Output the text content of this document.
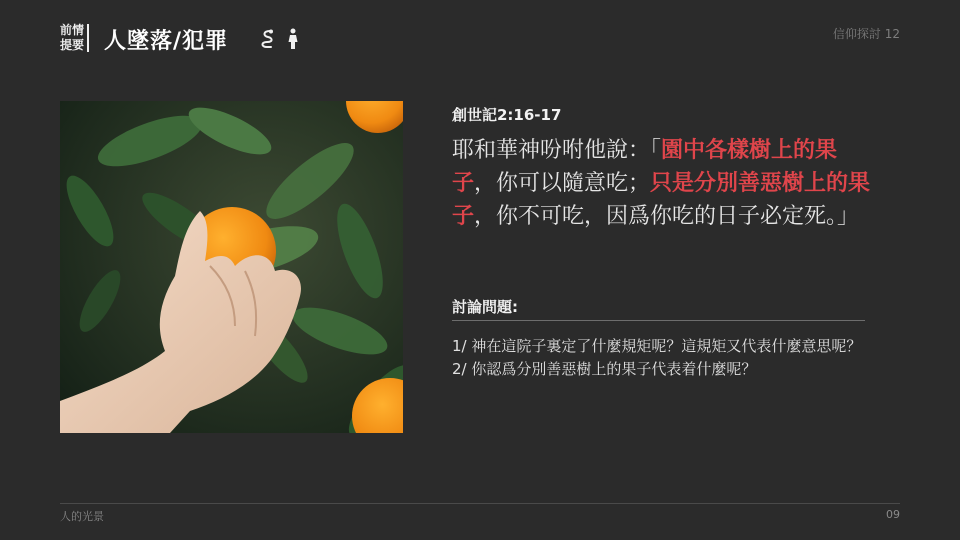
前情
提要 人墜落/犯罪	信仰探討 12
創世記2:16-17
耶和華神吩咐他說：「園中各樣樹上的果子，你可以隨意吃；只是分別善惡樹上的果子，你不可吃，因爲你吃的日子必定死。」
討論問題:

1/ 神在這院子裏定了什麼規矩呢？這規矩又代表什麼意思呢？

2/ 你認爲分別善惡樹上的果子代表着什麼呢？

人的光景	09
